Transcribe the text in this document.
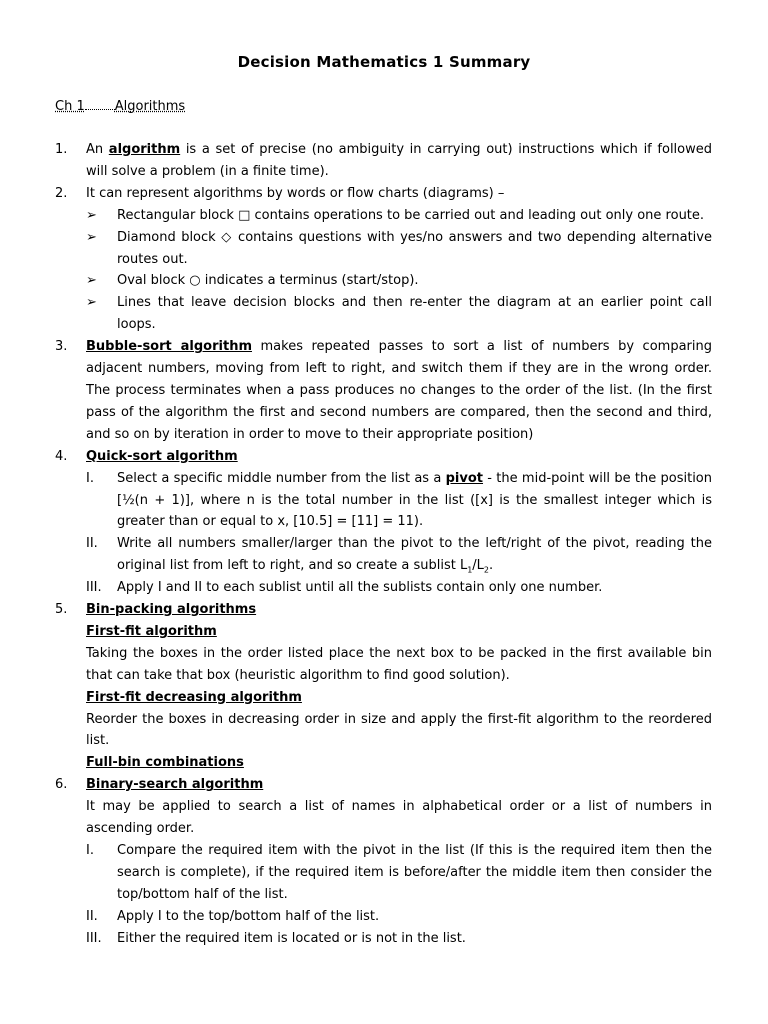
Decision Mathematics 1 Summary
Ch 1 Algorithms
1.	An algorithm is a set of precise (no ambiguity in carrying out) instructions which if followed will solve a problem (in a finite time).
2.	It can represent algorithms by words or flow charts (diagrams) –
➢ Rectangular block □ contains operations to be carried out and leading out only one route.
➢ Diamond block ◇ contains questions with yes/no answers and two depending alternative routes out.
➢ Oval block ○ indicates a terminus (start/stop).
➢ Lines that leave decision blocks and then re-enter the diagram at an earlier point call loops.
3.	Bubble-sort algorithm makes repeated passes to sort a list of numbers by comparing adjacent numbers, moving from left to right, and switch them if they are in the wrong order. The process terminates when a pass produces no changes to the order of the list. (In the first pass of the algorithm the first and second numbers are compared, then the second and third, and so on by iteration in order to move to their appropriate position)
4.	Quick-sort algorithm
I. Select a specific middle number from the list as a pivot - the mid-point will be the position [½(n + 1)], where n is the total number in the list ([x] is the smallest integer which is greater than or equal to x, [10.5] = [11] = 11).
II. Write all numbers smaller/larger than the pivot to the left/right of the pivot, reading the original list from left to right, and so create a sublist $L_1/L_2$.
III. Apply I and II to each sublist until all the sublists contain only one number.
5.	Bin-packing algorithms
First-fit algorithm
Taking the boxes in the order listed place the next box to be packed in the first available bin that can take that box (heuristic algorithm to find good solution).
First-fit decreasing algorithm
Reorder the boxes in decreasing order in size and apply the first-fit algorithm to the reordered list.
Full-bin combinations
6.	Binary-search algorithm
It may be applied to search a list of names in alphabetical order or a list of numbers in ascending order.
I. Compare the required item with the pivot in the list (If this is the required item then the search is complete), if the required item is before/after the middle item then consider the top/bottom half of the list.
II. Apply I to the top/bottom half of the list.
III. Either the required item is located or is not in the list.
